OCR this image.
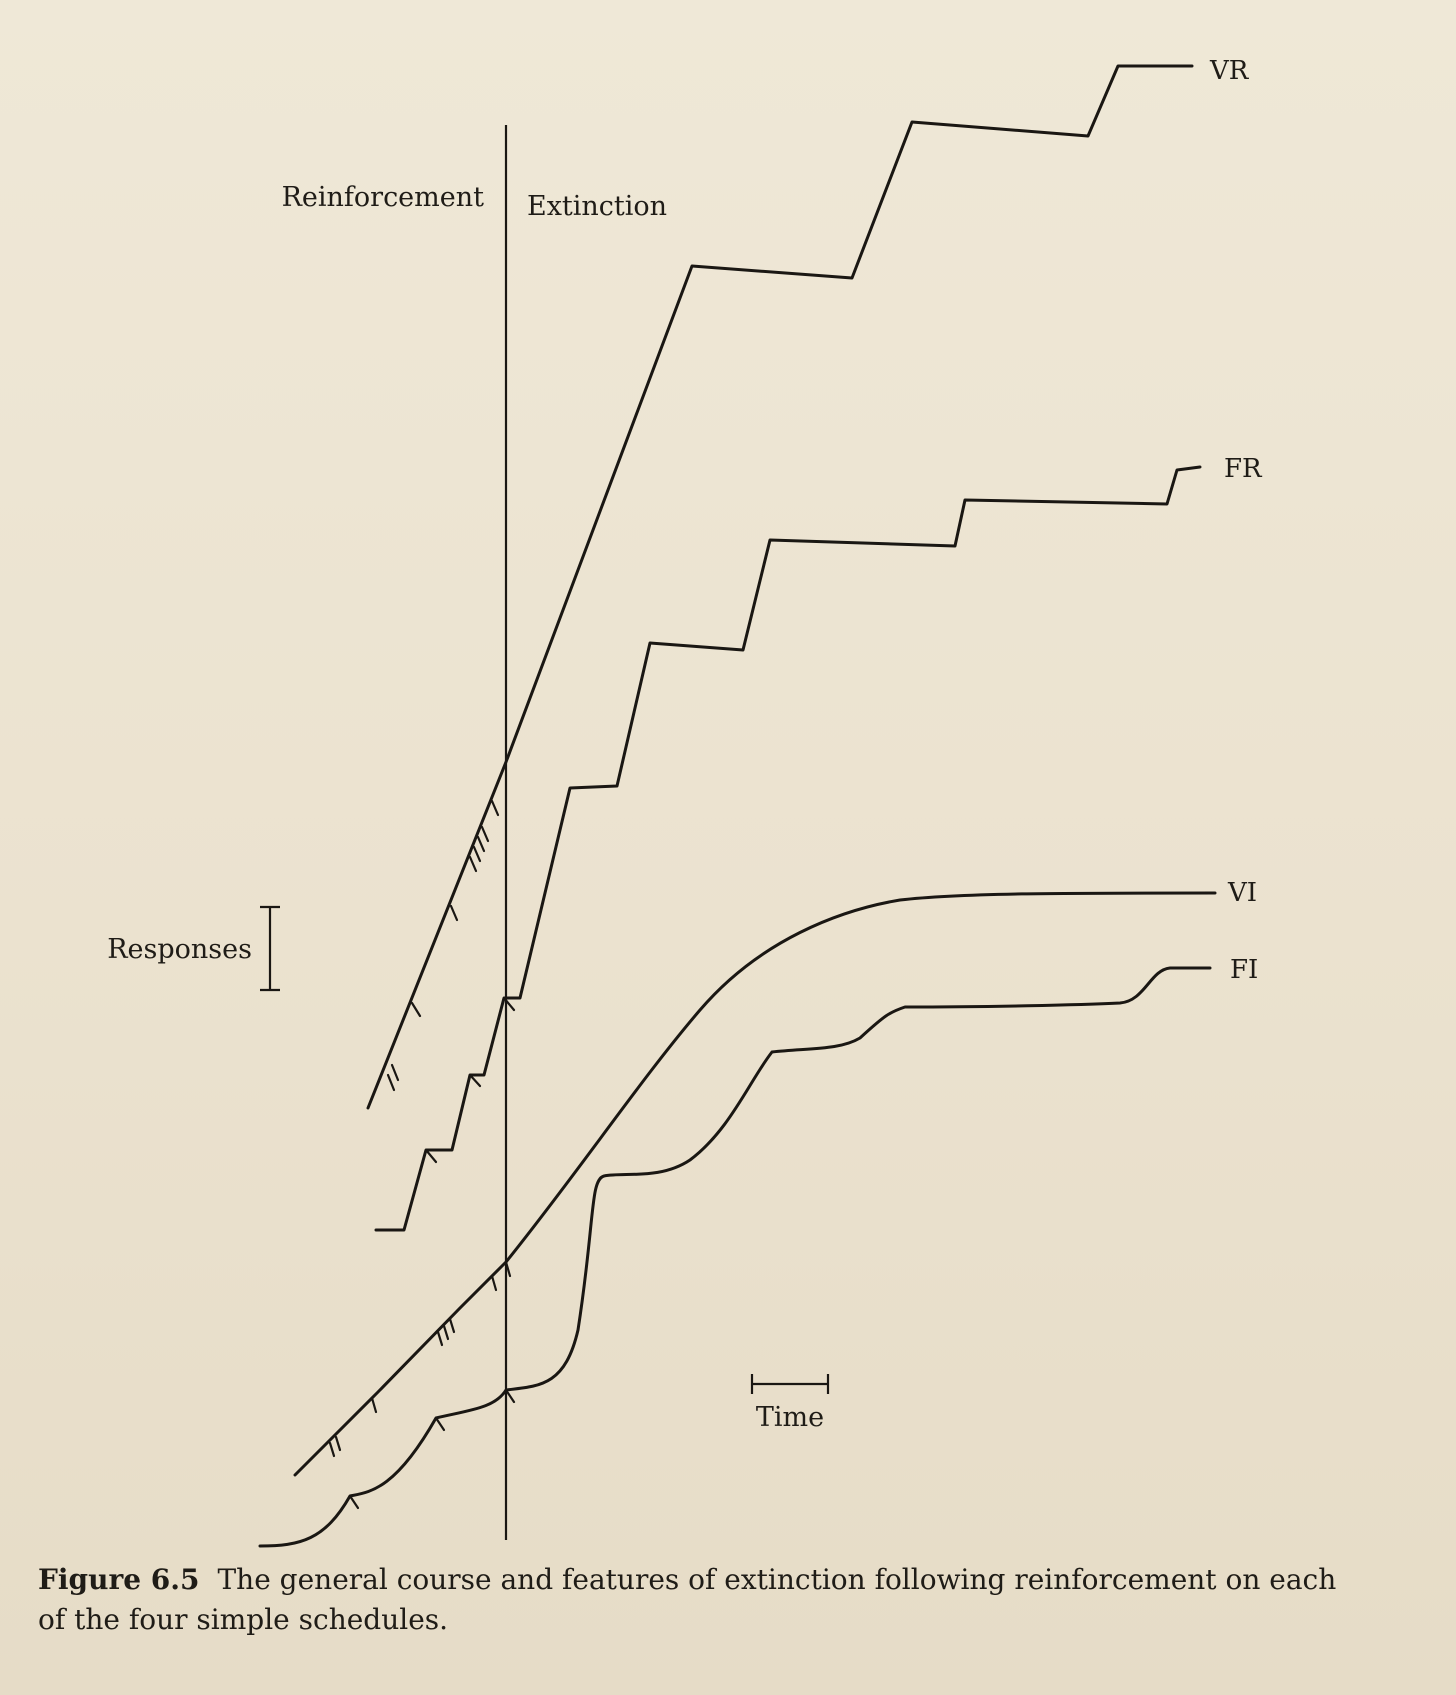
Reinforcement Extinction
VR
FR
VI
FI
Responses
Time
Figure 6.5 The general course and features of extinction following reinforcement on each of the four simple schedules.
